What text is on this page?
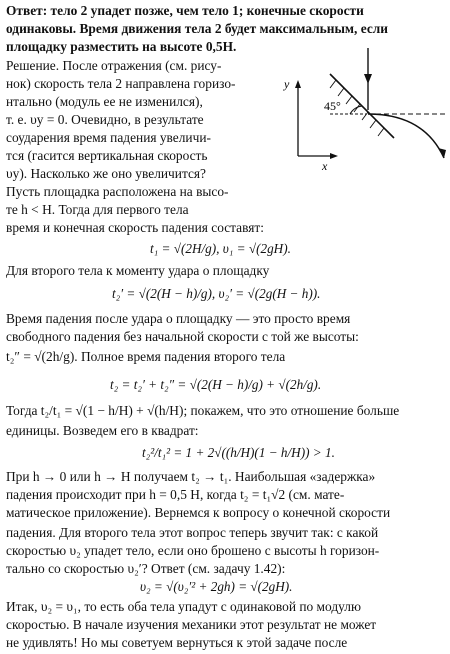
Ответ: тело 2 упадет позже, чем тело 1; конечные скорости
одинаковы. Время движения тела 2 будет максимальным, если
площадку разместить на высоте 0,5H.
Решение. После отражения (см. рису-
нок) скорость тела 2 направлена горизо-
нтально (модуль ее не изменился),
т. е. υy = 0. Очевидно, в результате
соударения время падения увеличи-
тся (гасится вертикальная скорость
υy). Насколько же оно увеличится?
Пусть площадка расположена на высо-
те h < H. Тогда для первого тела
время и конечная скорость падения составят:
t₁ = √(2H/g), υ₁ = √(2gH).
Для второго тела к моменту удара о площадку
t₂′ = √(2(H − h)/g), υ₂′ = √(2g(H − h)).
Время падения после удара о площадку — это просто время
свободного падения без начальной скорости с той же высоты:
t₂″ = √(2h/g). Полное время падения второго тела
t₂ = t₂′ + t₂″ = √(2(H − h)/g) + √(2h/g).
Тогда t₂/t₁ = √(1 − h/H) + √(h/H); покажем, что это отношение больше
единицы. Возведем его в квадрат:
t₂²/t₁² = 1 + 2√((h/H)(1 − h/H)) > 1.
При h → 0 или h → H получаем t₂ → t₁. Наибольшая «задержка»
падения происходит при h = 0,5 H, когда t₂ = t₁√2 (см. мате-
матическое приложение). Вернемся к вопросу о конечной скорости
падения. Для второго тела этот вопрос теперь звучит так: с какой
скоростью υ₂ упадет тело, если оно брошено с высоты h горизон-
тально со скоростью υ₂′? Ответ (см. задачу 1.42):
υ₂ = √(υ₂′² + 2gh) = √(2gH).
Итак, υ₂ = υ₁, то есть оба тела упадут с одинаковой по модулю
скоростью. В начале изучения механики этот результат не может
не удивлять! Но мы советуем вернуться к этой задаче после
y
x
45°
